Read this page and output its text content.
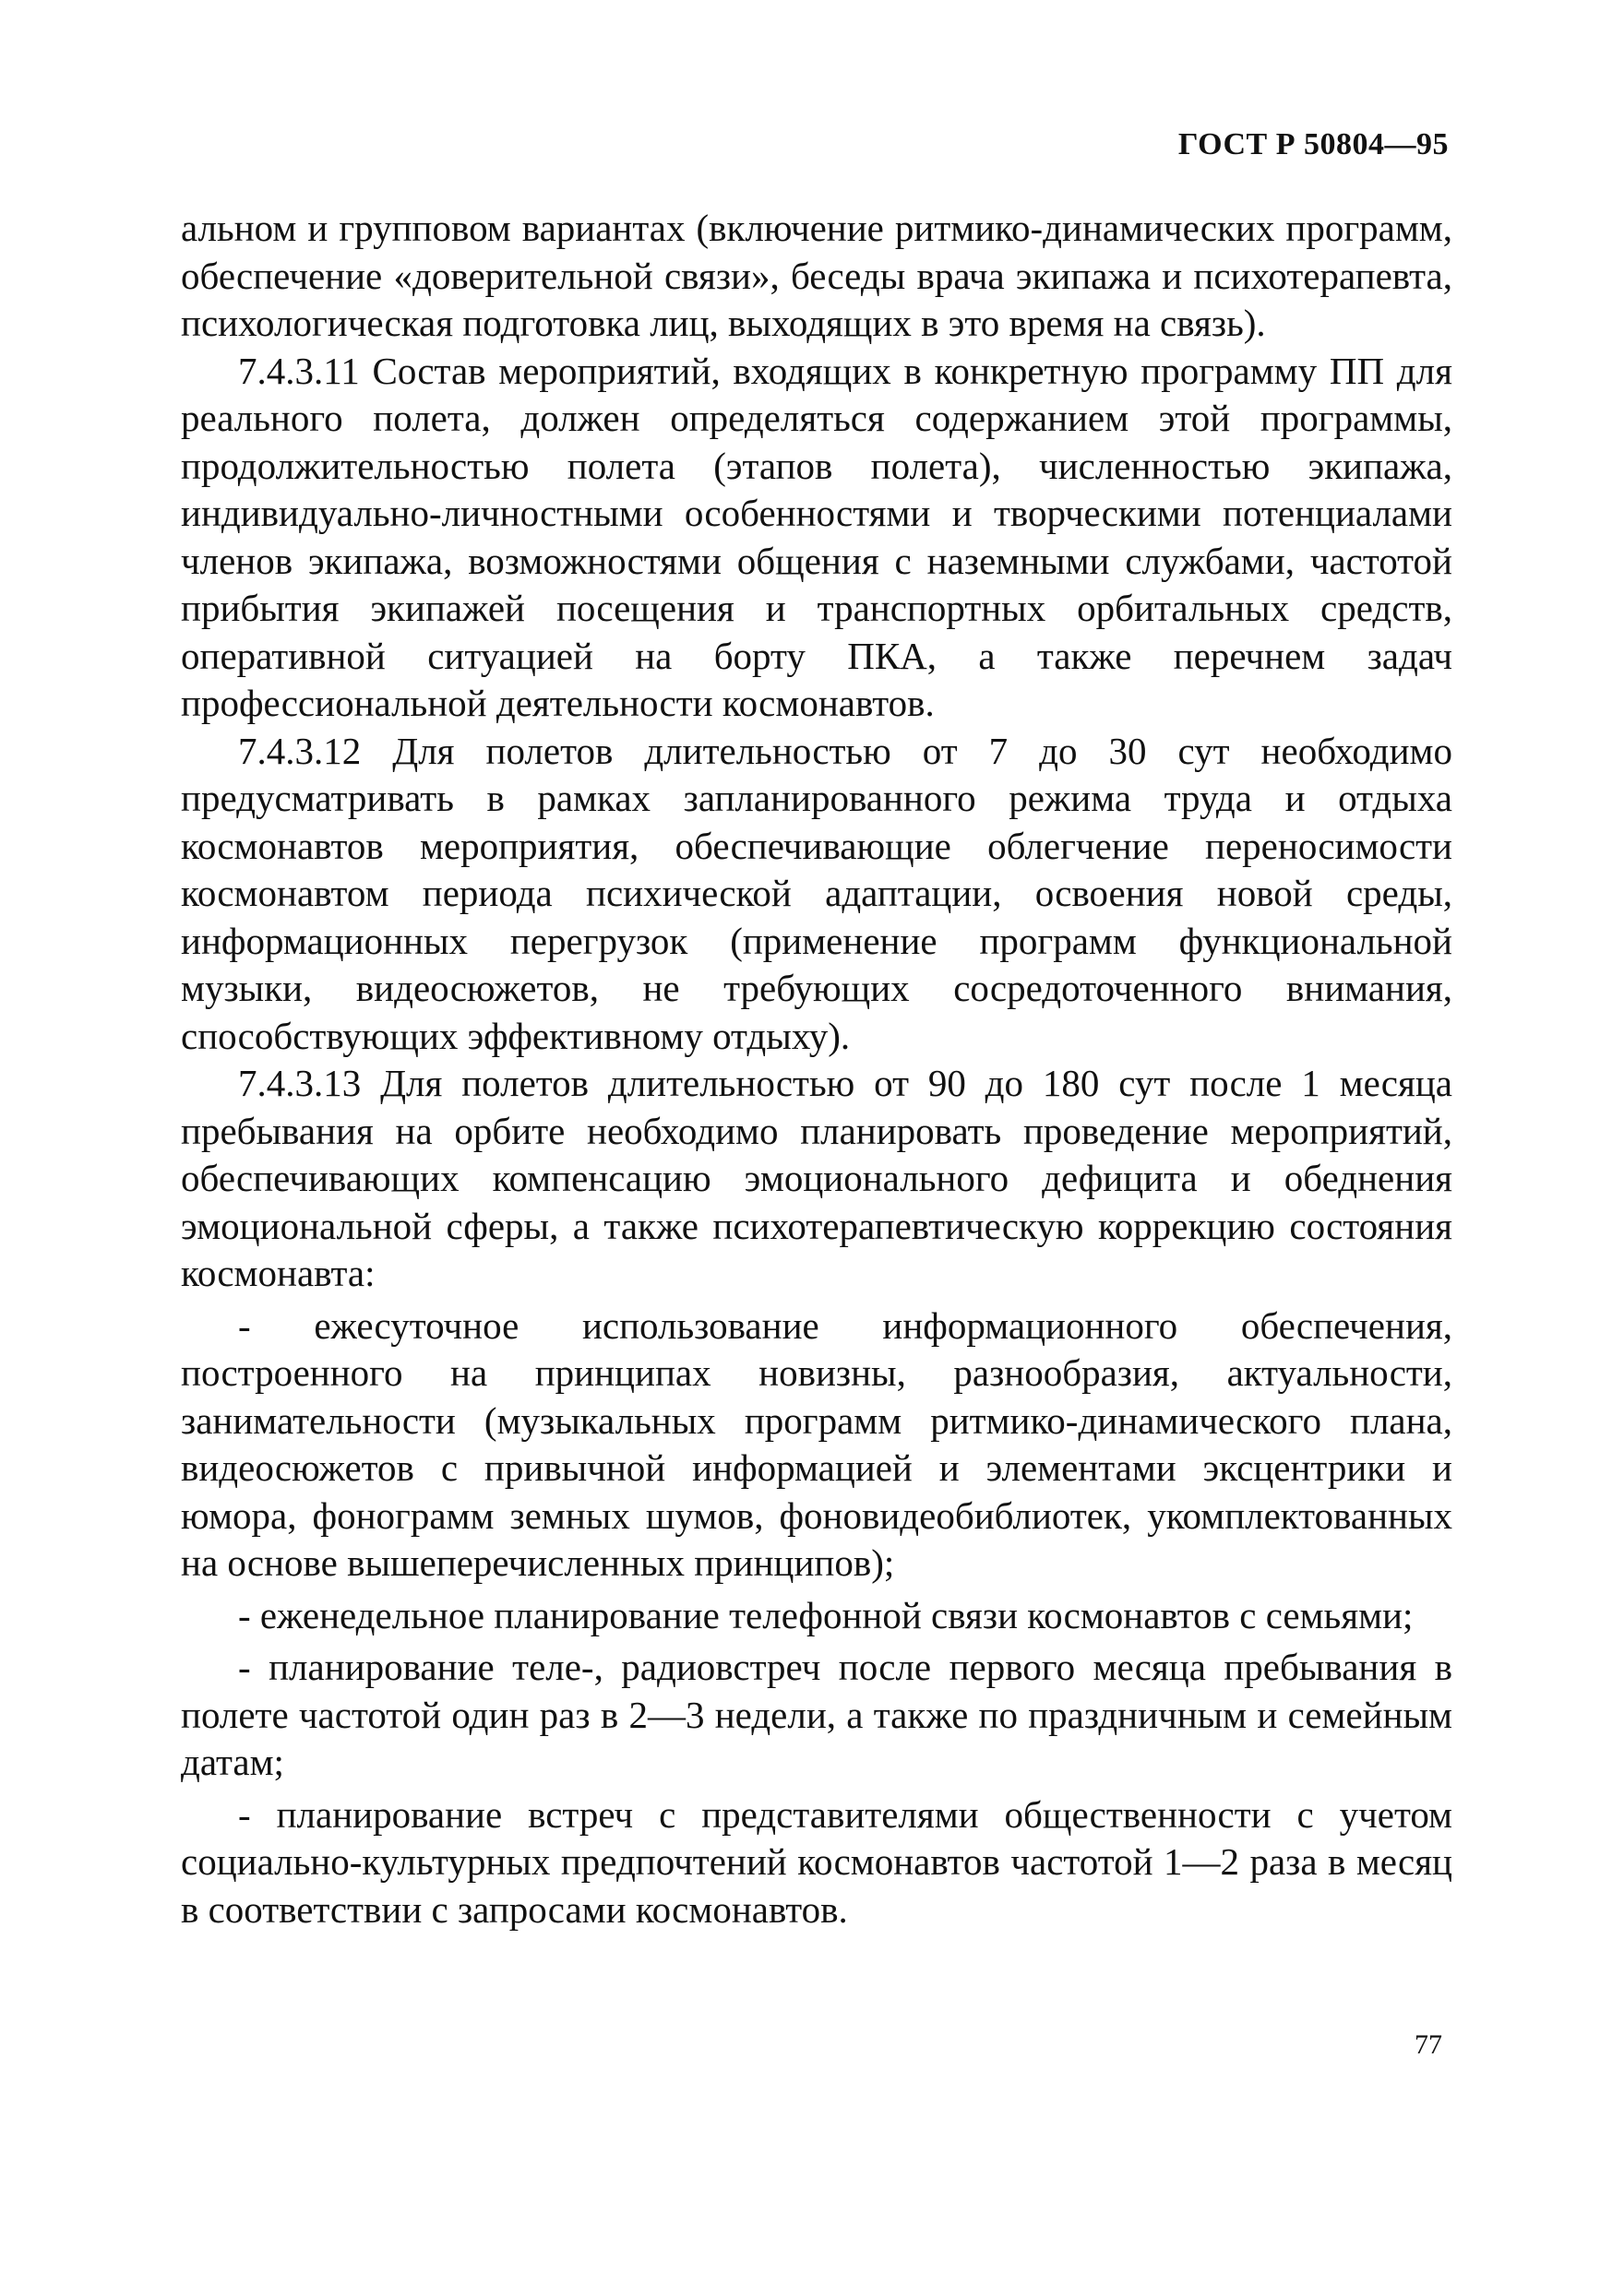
ГОСТ Р 50804—95

альном и групповом вариантах (включение ритмико-динамических программ, обеспечение «доверительной связи», беседы врача экипажа и психотерапевта, психологическая подготовка лиц, выходящих в это время на связь).

7.4.3.11 Состав мероприятий, входящих в конкретную программу ПП для реального полета, должен определяться содержанием этой программы, продолжительностью полета (этапов полета), численностью экипажа, индивидуально-личностными особенностями и творческими потенциалами членов экипажа, возможностями общения с наземными службами, частотой прибытия экипажей посещения и транспортных орбитальных средств, оперативной ситуацией на борту ПКА, а также перечнем задач профессиональной деятельности космонавтов.

7.4.3.12 Для полетов длительностью от 7 до 30 сут необходимо предусматривать в рамках запланированного режима труда и отдыха космонавтов мероприятия, обеспечивающие облегчение переносимости космонавтом периода психической адаптации, освоения новой среды, информационных перегрузок (применение программ функциональной музыки, видеосюжетов, не требующих сосредоточенного внимания, способствующих эффективному отдыху).

7.4.3.13 Для полетов длительностью от 90 до 180 сут после 1 месяца пребывания на орбите необходимо планировать проведение мероприятий, обеспечивающих компенсацию эмоционального дефицита и обеднения эмоциональной сферы, а также психотерапевтическую коррекцию состояния космонавта:

- ежесуточное использование информационного обеспечения, построенного на принципах новизны, разнообразия, актуальности, занимательности (музыкальных программ ритмико-динамического плана, видеосюжетов с привычной информацией и элементами эксцентрики и юмора, фонограмм земных шумов, фоновидеобиблиотек, укомплектованных на основе вышеперечисленных принципов);

- еженедельное планирование телефонной связи космонавтов с семьями;

- планирование теле-, радиовстреч после первого месяца пребывания в полете частотой один раз в 2—3 недели, а также по праздничным и семейным датам;

- планирование встреч с представителями общественности с учетом социально-культурных предпочтений космонавтов частотой 1—2 раза в месяц в соответствии с запросами космонавтов.

77
